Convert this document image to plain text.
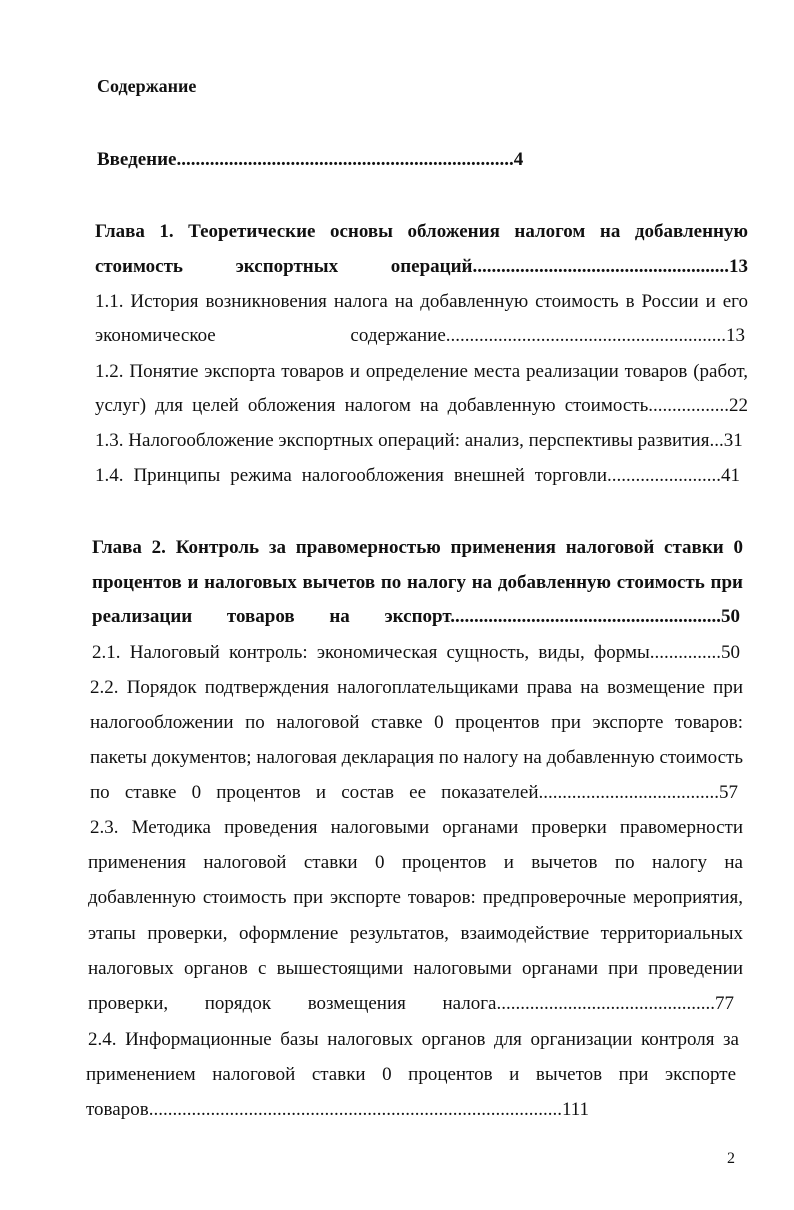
Содержание
Введение.......................................................................4
Глава 1. Теоретические основы обложения налогом на добавленную
стоимость экспортных операций......................................................13
1.1. История возникновения налога на добавленную стоимость в России и его
экономическое содержание...........................................................13
1.2. Понятие экспорта товаров и определение места реализации товаров (работ,
услуг) для целей обложения налогом на добавленную стоимость.................22
1.3. Налогообложение экспортных операций: анализ, перспективы развития...31
1.4. Принципы режима налогообложения внешней торговли........................41
Глава 2. Контроль за правомерностью применения налоговой ставки 0
процентов и налоговых вычетов по налогу на добавленную стоимость при
реализации товаров на экспорт.........................................................50
2.1. Налоговый контроль: экономическая сущность, виды, формы...............50
2.2. Порядок подтверждения налогоплательщиками права на возмещение при
налогообложении по налоговой ставке 0 процентов при экспорте товаров:
пакеты документов; налоговая декларация по налогу на добавленную стоимость
по ставке 0 процентов и состав ее показателей......................................57
2.3. Методика проведения налоговыми органами проверки правомерности
применения налоговой ставки 0 процентов и вычетов по налогу на
добавленную стоимость при экспорте товаров: предпроверочные мероприятия,
этапы проверки, оформление результатов, взаимодействие территориальных
налоговых органов с вышестоящими налоговыми органами при проведении
проверки, порядок возмещения налога..............................................77
2.4. Информационные базы налоговых органов для организации контроля за
применением налоговой ставки 0 процентов и вычетов при экспорте
товаров.......................................................................................111
2
